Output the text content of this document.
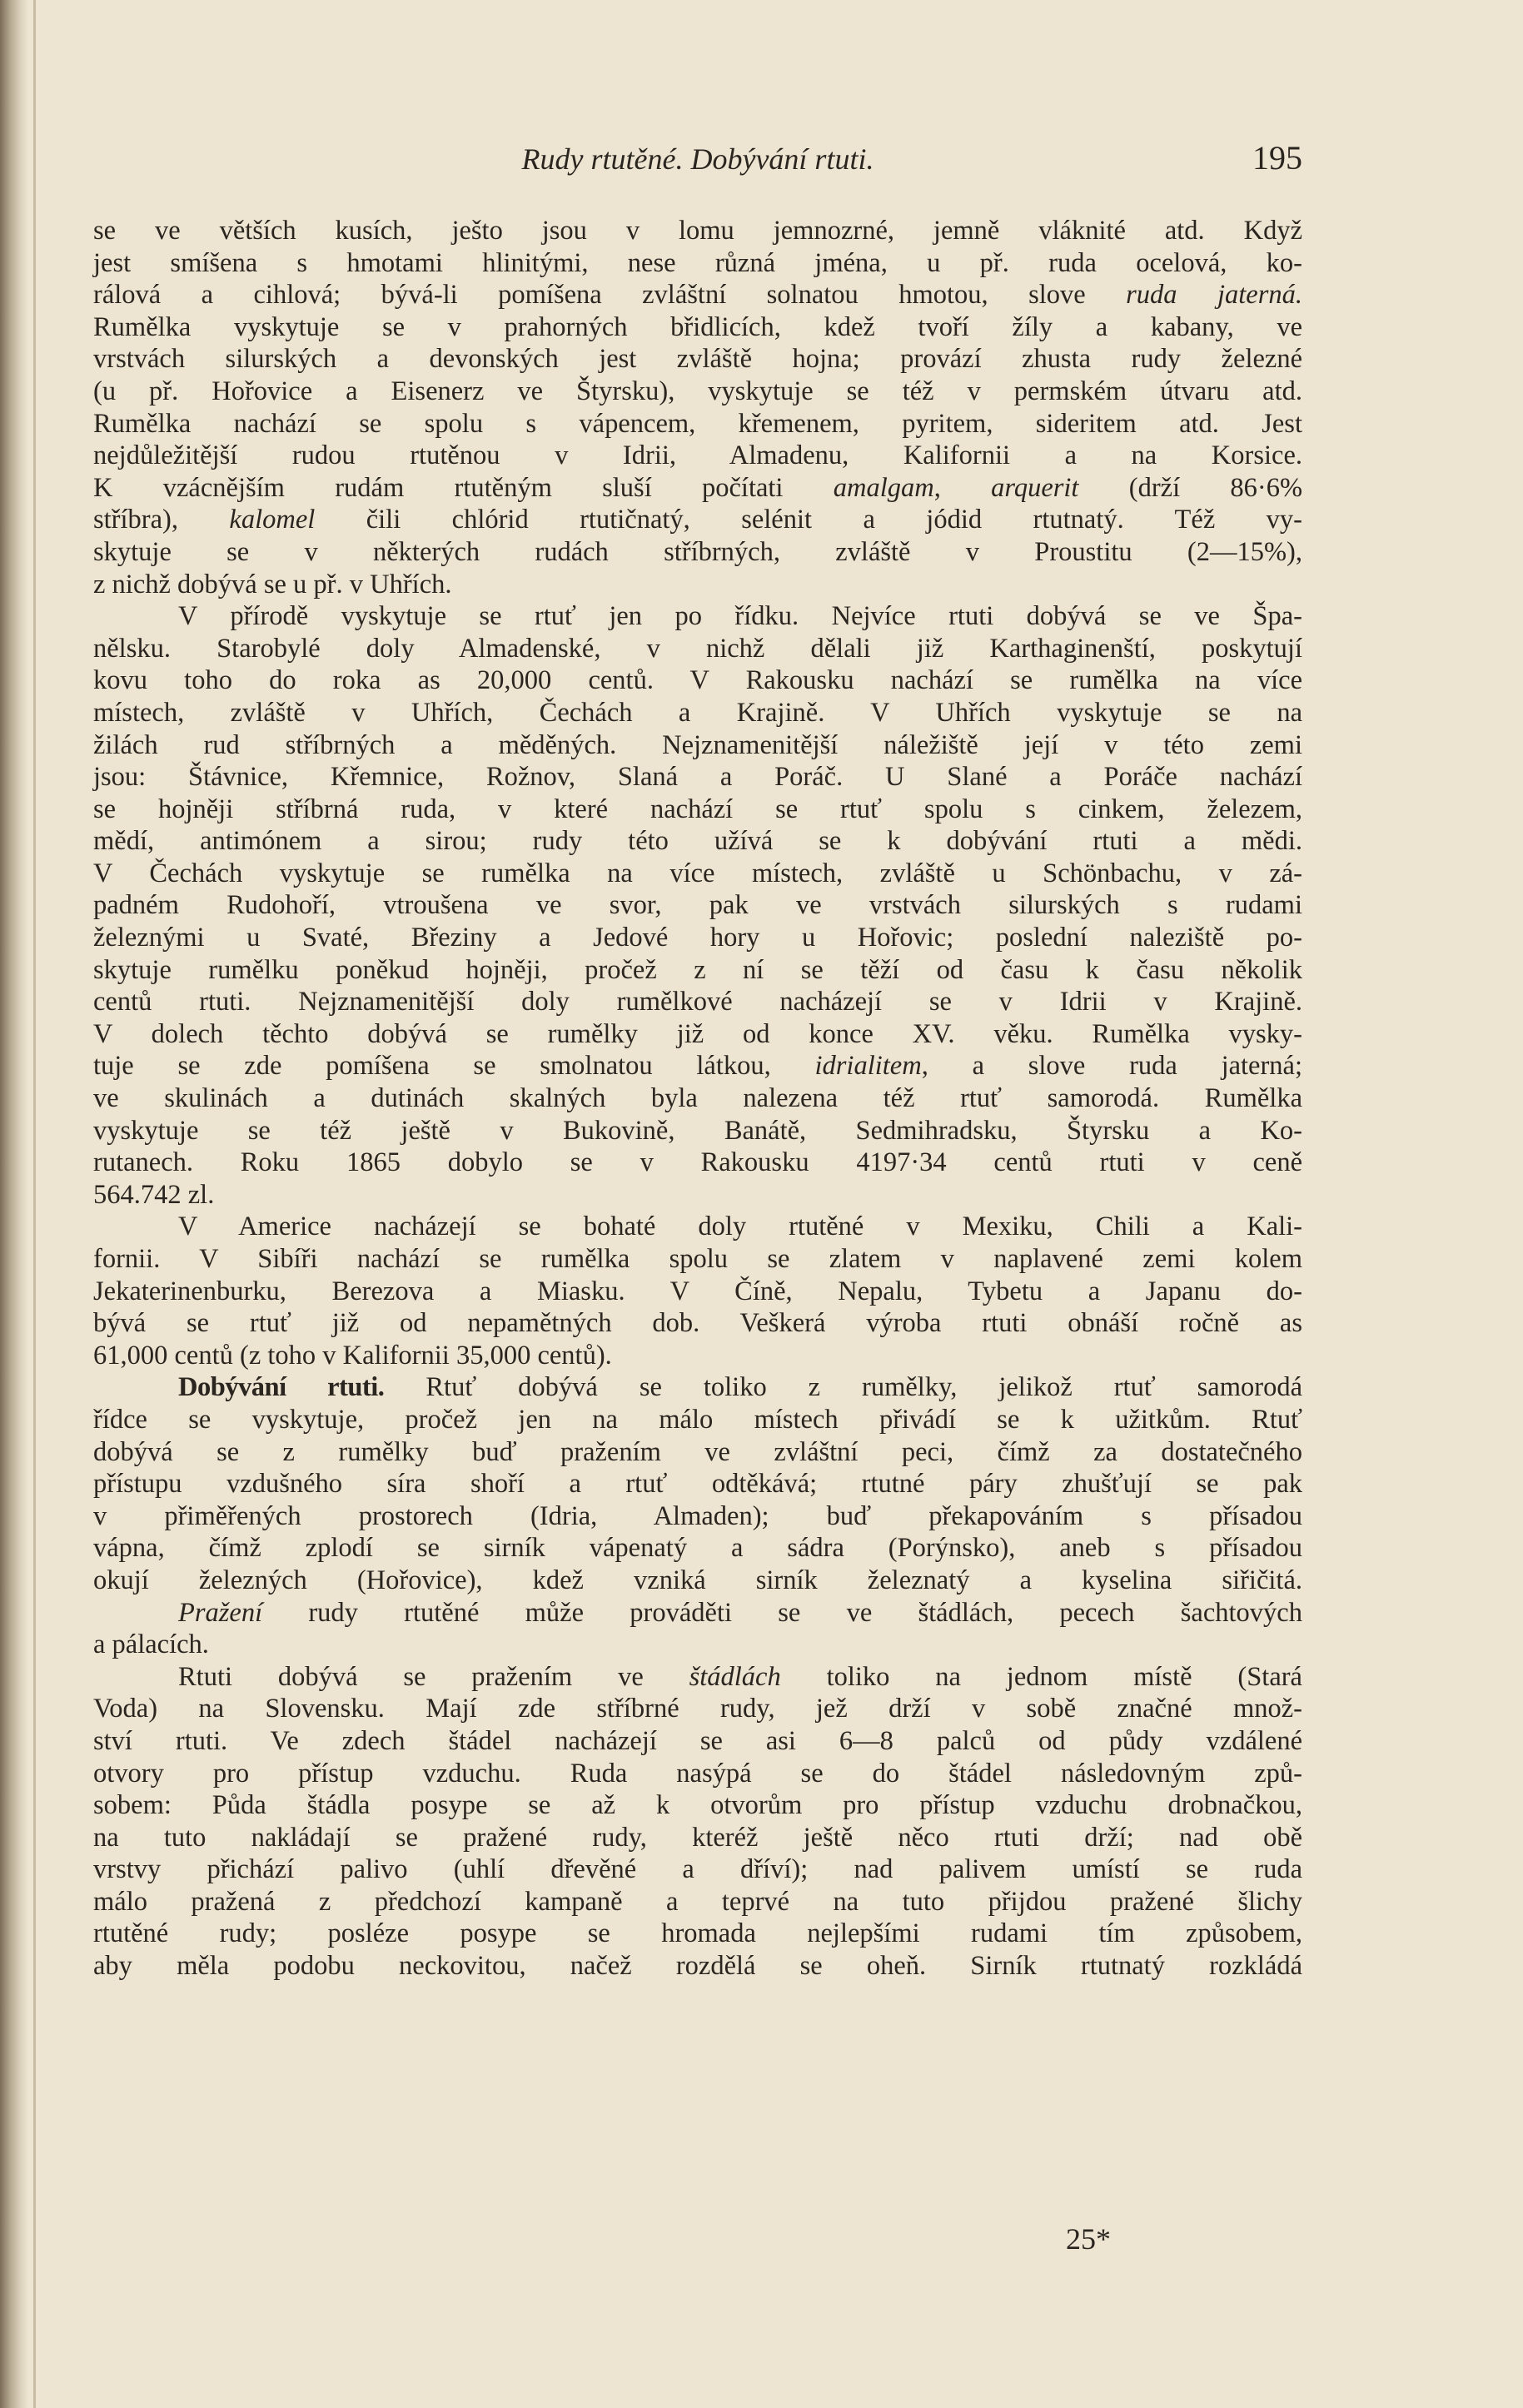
Rudy rtutěné. Dobývání rtuti.	195
se ve větších kusích, ješto jsou v lomu jemnozrné, jemně vláknité atd. Když
jest smíšena s hmotami hlinitými, nese různá jména, u př. ruda ocelová, ko-
rálová a cihlová; bývá-li pomíšena zvláštní solnatou hmotou, slove ruda jaterná.
Rumělka vyskytuje se v prahorných břidlicích, kdež tvoří žíly a kabany, ve
vrstvách silurských a devonských jest zvláště hojna; provází zhusta rudy železné
(u př. Hořovice a Eisenerz ve Štyrsku), vyskytuje se též v permském útvaru atd.
Rumělka nachází se spolu s vápencem, křemenem, pyritem, sideritem atd. Jest
nejdůležitější rudou rtutěnou v Idrii, Almadenu, Kalifornii a na Korsice.
K vzácnějším rudám rtutěným sluší počítati amalgam, arquerit (drží 86·6%
stříbra), kalomel čili chlórid rtutičnatý, selénit a jódid rtutnatý. Též vy-
skytuje se v některých rudách stříbrných, zvláště v Proustitu (2—15%),
z nichž dobývá se u př. v Uhřích.
V přírodě vyskytuje se rtuť jen po řídku. Nejvíce rtuti dobývá se ve Špa-
nělsku. Starobylé doly Almadenské, v nichž dělali již Karthaginenští, poskytují
kovu toho do roka as 20,000 centů. V Rakousku nachází se rumělka na více
místech, zvláště v Uhřích, Čechách a Krajině. V Uhřích vyskytuje se na
žilách rud stříbrných a měděných. Nejznamenitější náležiště její v této zemi
jsou: Štávnice, Křemnice, Rožnov, Slaná a Poráč. U Slané a Poráče nachází
se hojněji stříbrná ruda, v které nachází se rtuť spolu s cinkem, železem,
mědí, antimónem a sirou; rudy této užívá se k dobývání rtuti a mědi.
V Čechách vyskytuje se rumělka na více místech, zvláště u Schönbachu, v zá-
padném Rudohoří, vtroušena ve svor, pak ve vrstvách silurských s rudami
železnými u Svaté, Březiny a Jedové hory u Hořovic; poslední naleziště po-
skytuje rumělku poněkud hojněji, pročež z ní se těží od času k času několik
centů rtuti. Nejznamenitější doly rumělkové nacházejí se v Idrii v Krajině.
V dolech těchto dobývá se rumělky již od konce XV. věku. Rumělka vysky-
tuje se zde pomíšena se smolnatou látkou, idrialitem, a slove ruda jaterná;
ve skulinách a dutinách skalných byla nalezena též rtuť samorodá. Rumělka
vyskytuje se též ještě v Bukovině, Banátě, Sedmihradsku, Štyrsku a Ko-
rutanech. Roku 1865 dobylo se v Rakousku 4197·34 centů rtuti v ceně
564.742 zl.
V Americe nacházejí se bohaté doly rtutěné v Mexiku, Chili a Kali-
fornii. V Sibíři nachází se rumělka spolu se zlatem v naplavené zemi kolem
Jekaterinenburku, Berezova a Miasku. V Číně, Nepalu, Tybetu a Japanu do-
bývá se rtuť již od nepamětných dob. Veškerá výroba rtuti obnáší ročně as
61,000 centů (z toho v Kalifornii 35,000 centů).
Dobývání rtuti. Rtuť dobývá se toliko z rumělky, jelikož rtuť samorodá
řídce se vyskytuje, pročež jen na málo místech přivádí se k užitkům. Rtuť
dobývá se z rumělky buď pražením ve zvláštní peci, čímž za dostatečného
přístupu vzdušného síra shoří a rtuť odtěkává; rtutné páry zhušťují se pak
v přiměřených prostorech (Idria, Almaden); buď překapováním s přísadou
vápna, čímž zplodí se sirník vápenatý a sádra (Porýnsko), aneb s přísadou
okují železných (Hořovice), kdež vzniká sirník železnatý a kyselina siřičitá.
Pražení rudy rtutěné může prováděti se ve štádlách, pecech šachtových
a pálacích.
Rtuti dobývá se pražením ve štádlách toliko na jednom místě (Stará
Voda) na Slovensku. Mají zde stříbrné rudy, jež drží v sobě značné množ-
ství rtuti. Ve zdech štádel nacházejí se asi 6—8 palců od půdy vzdálené
otvory pro přístup vzduchu. Ruda nasýpá se do štádel následovným způ-
sobem: Půda štádla posype se až k otvorům pro přístup vzduchu drobnačkou,
na tuto nakládají se pražené rudy, kteréž ještě něco rtuti drží; nad obě
vrstvy přichází palivo (uhlí dřevěné a dříví); nad palivem umístí se ruda
málo pražená z předchozí kampaně a teprvé na tuto přijdou pražené šlichy
rtutěné rudy; posléze posype se hromada nejlepšími rudami tím způsobem,
aby měla podobu neckovitou, načež rozdělá se oheň. Sirník rtutnatý rozkládá
25*
